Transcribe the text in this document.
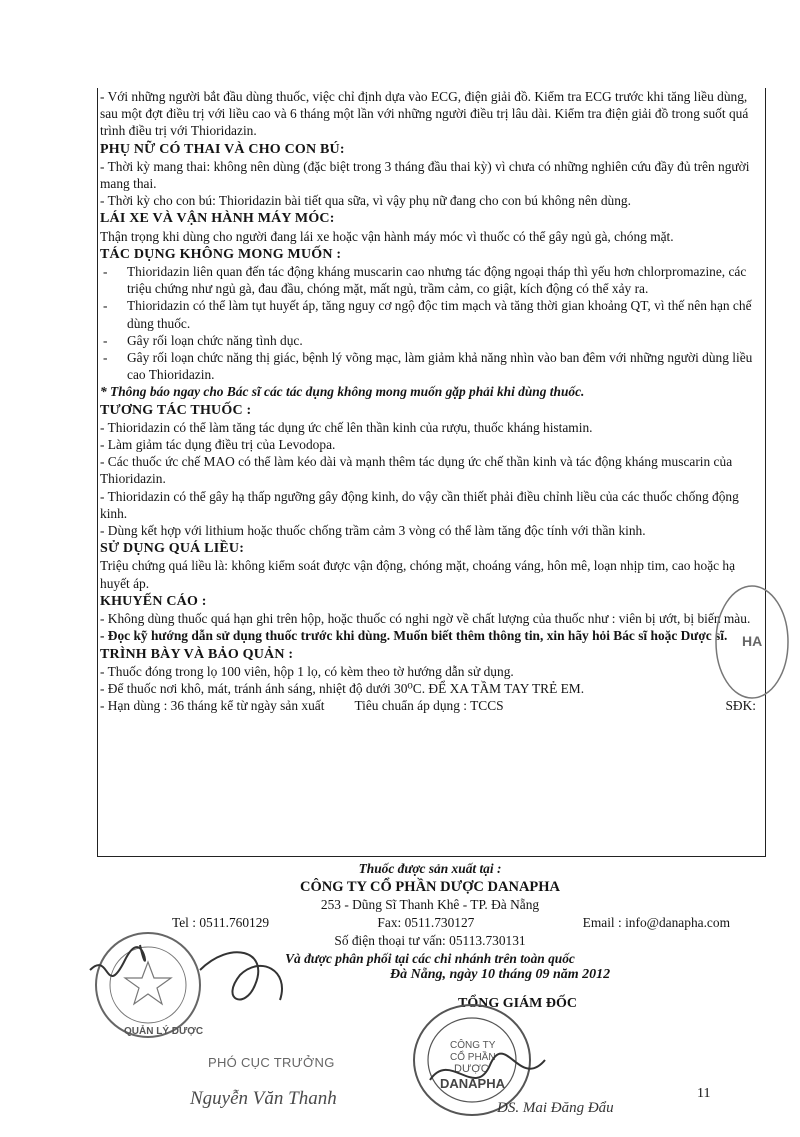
- Với những người bắt đầu dùng thuốc, việc chỉ định dựa vào ECG, điện giải đồ. Kiểm tra ECG trước khi tăng liều dùng, sau một đợt điều trị với liều cao và 6 tháng một lần với những người điều trị lâu dài. Kiểm tra điện giải đồ trong suốt quá trình điều trị với Thioridazin.

PHỤ NỮ CÓ THAI VÀ CHO CON BÚ:

- Thời kỳ mang thai: không nên dùng (đặc biệt trong 3 tháng đầu thai kỳ) vì chưa có những nghiên cứu đầy đủ trên người mang thai.

- Thời kỳ cho con bú: Thioridazin bài tiết qua sữa, vì vậy phụ nữ đang cho con bú không nên dùng.

LÁI XE VÀ VẬN HÀNH MÁY MÓC:

Thận trọng khi dùng cho người đang lái xe hoặc vận hành máy móc vì thuốc có thể gây ngủ gà, chóng mặt.

TÁC DỤNG KHÔNG MONG MUỐN :

- Thioridazin liên quan đến tác động kháng muscarin cao nhưng tác động ngoại tháp thì yếu hơn chlorpromazine, các triệu chứng như ngủ gà, đau đầu, chóng mặt, mất ngủ, trầm cảm, co giật, kích động có thể xảy ra.
- Thioridazin có thể làm tụt huyết áp, tăng nguy cơ ngộ độc tim mạch và tăng thời gian khoảng QT, vì thế nên hạn chế dùng thuốc.
- Gây rối loạn chức năng tình dục.
- Gây rối loạn chức năng thị giác, bệnh lý võng mạc, làm giảm khả năng nhìn vào ban đêm với những người dùng liều cao Thioridazin.

* Thông báo ngay cho Bác sĩ các tác dụng không mong muốn gặp phải khi dùng thuốc.

TƯƠNG TÁC THUỐC :

- Thioridazin có thể làm tăng tác dụng ức chế lên thần kinh của rượu, thuốc kháng histamin.

- Làm giảm tác dụng điều trị của Levodopa.

- Các thuốc ức chế MAO có thể làm kéo dài và mạnh thêm tác dụng ức chế thần kinh và tác động kháng muscarin của Thioridazin.

- Thioridazin có thể gây hạ thấp ngưỡng gây động kinh, do vậy cần thiết phải điều chỉnh liều của các thuốc chống động kinh.

- Dùng kết hợp với lithium hoặc thuốc chống trầm cảm 3 vòng có thể làm tăng độc tính với thần kinh.

SỬ DỤNG QUÁ LIỀU:

Triệu chứng quá liều là: không kiểm soát được vận động, chóng mặt, choáng váng, hôn mê, loạn nhịp tim, cao hoặc hạ huyết áp.

KHUYẾN CÁO :

- Không dùng thuốc quá hạn ghi trên hộp, hoặc thuốc có nghi ngờ về chất lượng của thuốc như : viên bị ướt, bị biến màu.

- Đọc kỹ hướng dẫn sử dụng thuốc trước khi dùng. Muốn biết thêm thông tin, xin hãy hỏi Bác sĩ hoặc Dược sĩ.

TRÌNH BÀY VÀ BẢO QUẢN :

- Thuốc đóng trong lọ 100 viên, hộp 1 lọ, có kèm theo tờ hướng dẫn sử dụng.

- Để thuốc nơi khô, mát, tránh ánh sáng, nhiệt độ dưới 30⁰C. ĐỂ XA TẦM TAY TRẺ EM.

- Hạn dùng : 36 tháng kể từ ngày sản xuất Tiêu chuẩn áp dụng : TCCS	SĐK:
Thuốc được sản xuất tại :
CÔNG TY CỔ PHẦN DƯỢC DANAPHA
253 - Dũng Sĩ Thanh Khê - TP. Đà Nẵng
Tel : 0511.760129	Fax: 0511.730127	Email : info@danapha.com
Số điện thoại tư vấn: 05113.730131
Và được phân phối tại các chi nhánh trên toàn quốc
Đà Nẵng, ngày 10 tháng 09 năm 2012
TỔNG GIÁM ĐỐC
CÔNG TY
CỔ PHẦN
DƯỢC
DANAPHA
QUẢN LÝ DƯỢC
HA
PHÓ CỤC TRƯỞNG
Nguyễn Văn Thanh	DS. Mai Đăng Đẩu
11
